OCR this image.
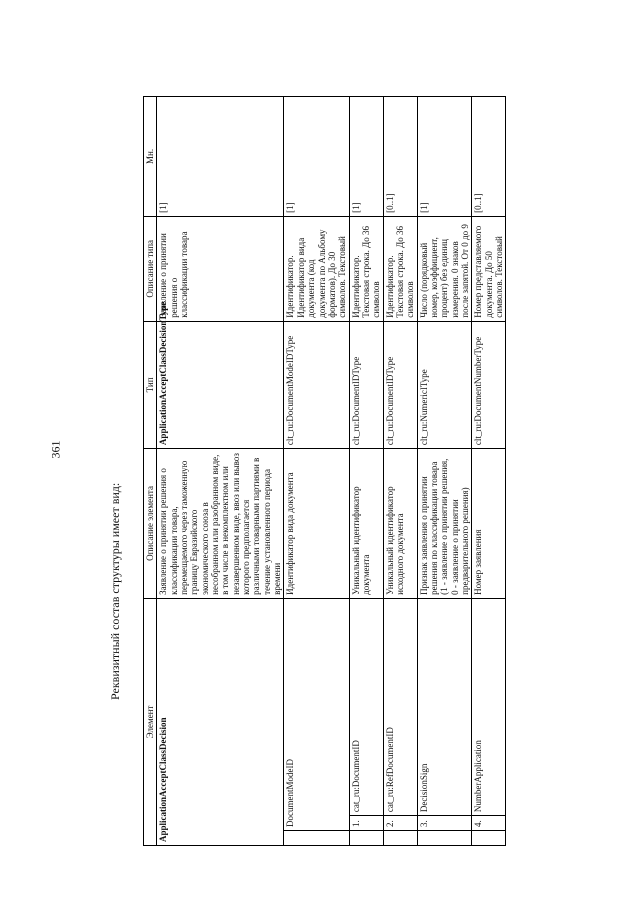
361
Реквизитный состав структуры имеет вид:
Элемент			Описание элемента	Тип	Описание типа	Мн.
ApplicationAcceptClassDecision			Заявление о принятии решения о классификации товара, перемещаемого через таможенную границу Евразийского экономического союза в несобранном или разобранном виде, в том числе в некомплектном или незавершенном виде, ввоз или вывоз которого предполагается различными товарными партиями в течение установленного периода времени	ApplicationAcceptClassDecisionType	Заявление о принятии решения о классификации товара	[1]
	DocumentModeID		Идентификатор вида документа	clt_ru:DocumentModeIDType	Идентификатор. Идентификатор вида документа (код документа по Альбому форматов). До 30 символов. Текстовый	[1]
	1.	cat_ru:DocumentID	Уникальный идентификатор документа	clt_ru:DocumentIDType	Идентификатор. Текстовая строка. До 36 символов	[1]
	2.	cat_ru:RefDocumentID	Уникальный идентификатор исходного документа	clt_ru:DocumentIDType	Идентификатор. Текстовая строка. До 36 символов	[0..1]
	3.	DecisionSign	Признак заявления о принятии решения по классификации товара (1 - заявление о принятии решения, 0 - заявление о принятии предварительного решения)	clt_ru:NumericIType	Число (порядковый номер, коэффициент, процент) без единиц измерения. 0 знаков после запятой. От 0 до 9	[1]
	4.	NumberApplication	Номер заявления	clt_ru:DocumentNumberType	Номер представляемого документа. До 50 символов. Текстовый	[0..1]
